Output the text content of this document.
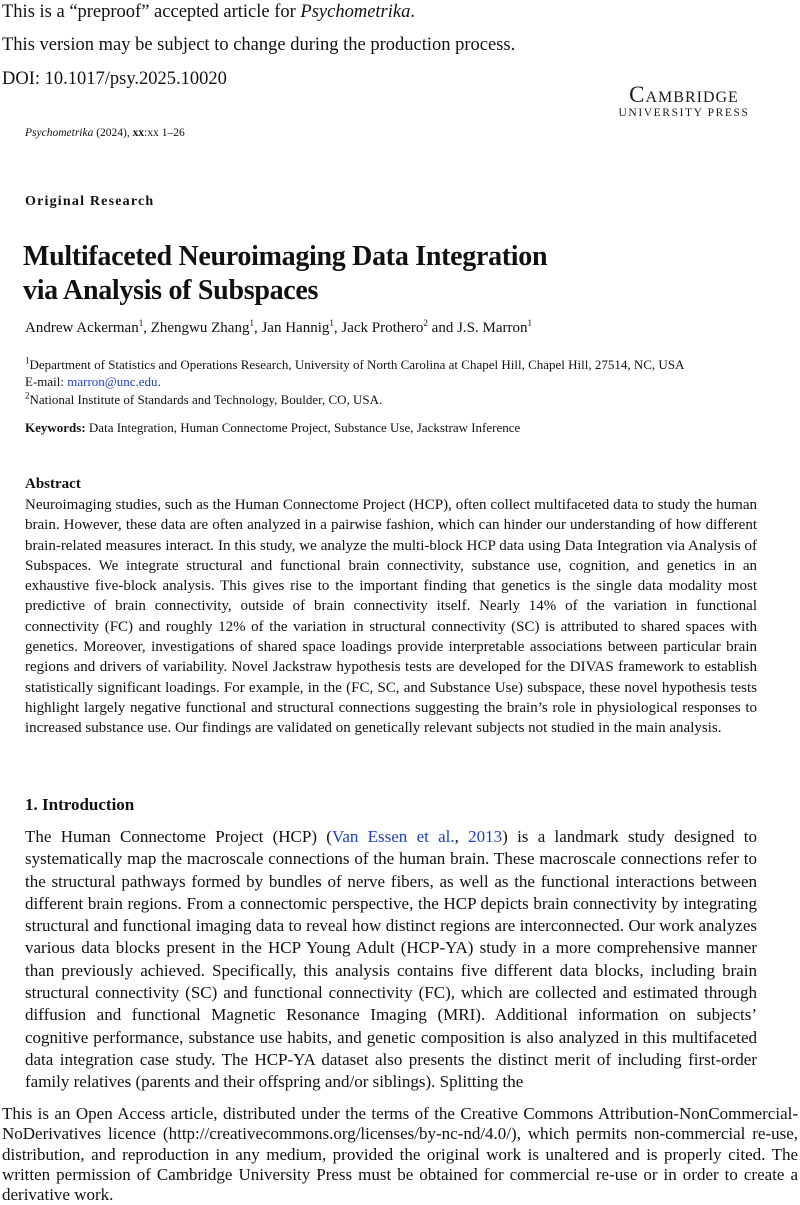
This is a “preproof” accepted article for Psychometrika.
This version may be subject to change during the production process.
DOI: 10.1017/psy.2025.10020
Cambridge
UNIVERSITY PRESS
Psychometrika (2024), xx:xx 1–26
Original Research
Multifaceted Neuroimaging Data Integration
via Analysis of Subspaces
Andrew Ackerman$^1$, Zhengwu Zhang$^1$, Jan Hannig$^1$, Jack Prothero$^2$ and J.S. Marron$^1$
$^1$Department of Statistics and Operations Research, University of North Carolina at Chapel Hill, Chapel Hill, 27514, NC, USA
E-mail: marron@unc.edu.
$^2$National Institute of Standards and Technology, Boulder, CO, USA.
Keywords: Data Integration, Human Connectome Project, Substance Use, Jackstraw Inference
Abstract
Neuroimaging studies, such as the Human Connectome Project (HCP), often collect multifaceted data to study the human brain. However, these data are often analyzed in a pairwise fashion, which can hinder our understanding of how different brain-related measures interact. In this study, we analyze the multi-block HCP data using Data Integration via Analysis of Subspaces. We integrate structural and functional brain connectivity, substance use, cognition, and genetics in an exhaustive five-block analysis. This gives rise to the important finding that genetics is the single data modality most predictive of brain connectivity, outside of brain connectivity itself. Nearly 14% of the variation in functional connectivity (FC) and roughly 12% of the variation in structural connectivity (SC) is attributed to shared spaces with genetics. Moreover, investigations of shared space loadings provide interpretable associations between particular brain regions and drivers of variability. Novel Jackstraw hypothesis tests are developed for the DIVAS framework to establish statistically significant loadings. For example, in the (FC, SC, and Substance Use) subspace, these novel hypothesis tests highlight largely negative functional and structural connections suggesting the brain’s role in physiological responses to increased substance use. Our findings are validated on genetically relevant subjects not studied in the main analysis.
1. Introduction
The Human Connectome Project (HCP) (Van Essen et al., 2013) is a landmark study designed to systematically map the macroscale connections of the human brain. These macroscale connections refer to the structural pathways formed by bundles of nerve fibers, as well as the functional interactions between different brain regions. From a connectomic perspective, the HCP depicts brain connectivity by integrating structural and functional imaging data to reveal how distinct regions are interconnected. Our work analyzes various data blocks present in the HCP Young Adult (HCP-YA) study in a more comprehensive manner than previously achieved. Specifically, this analysis contains five different data blocks, including brain structural connectivity (SC) and functional connectivity (FC), which are collected and estimated through diffusion and functional Magnetic Resonance Imaging (MRI). Additional information on subjects’ cognitive performance, substance use habits, and genetic composition is also analyzed in this multifaceted data integration case study. The HCP-YA dataset also presents the distinct merit of including first-order family relatives (parents and their offspring and/or siblings). Splitting the
This is an Open Access article, distributed under the terms of the Creative Commons Attribution-NonCommercial-NoDerivatives licence (http://creativecommons.org/licenses/by-nc-nd/4.0/), which permits non-commercial re-use, distribution, and reproduction in any medium, provided the original work is unaltered and is properly cited. The written permission of Cambridge University Press must be obtained for commercial re-use or in order to create a derivative work.
